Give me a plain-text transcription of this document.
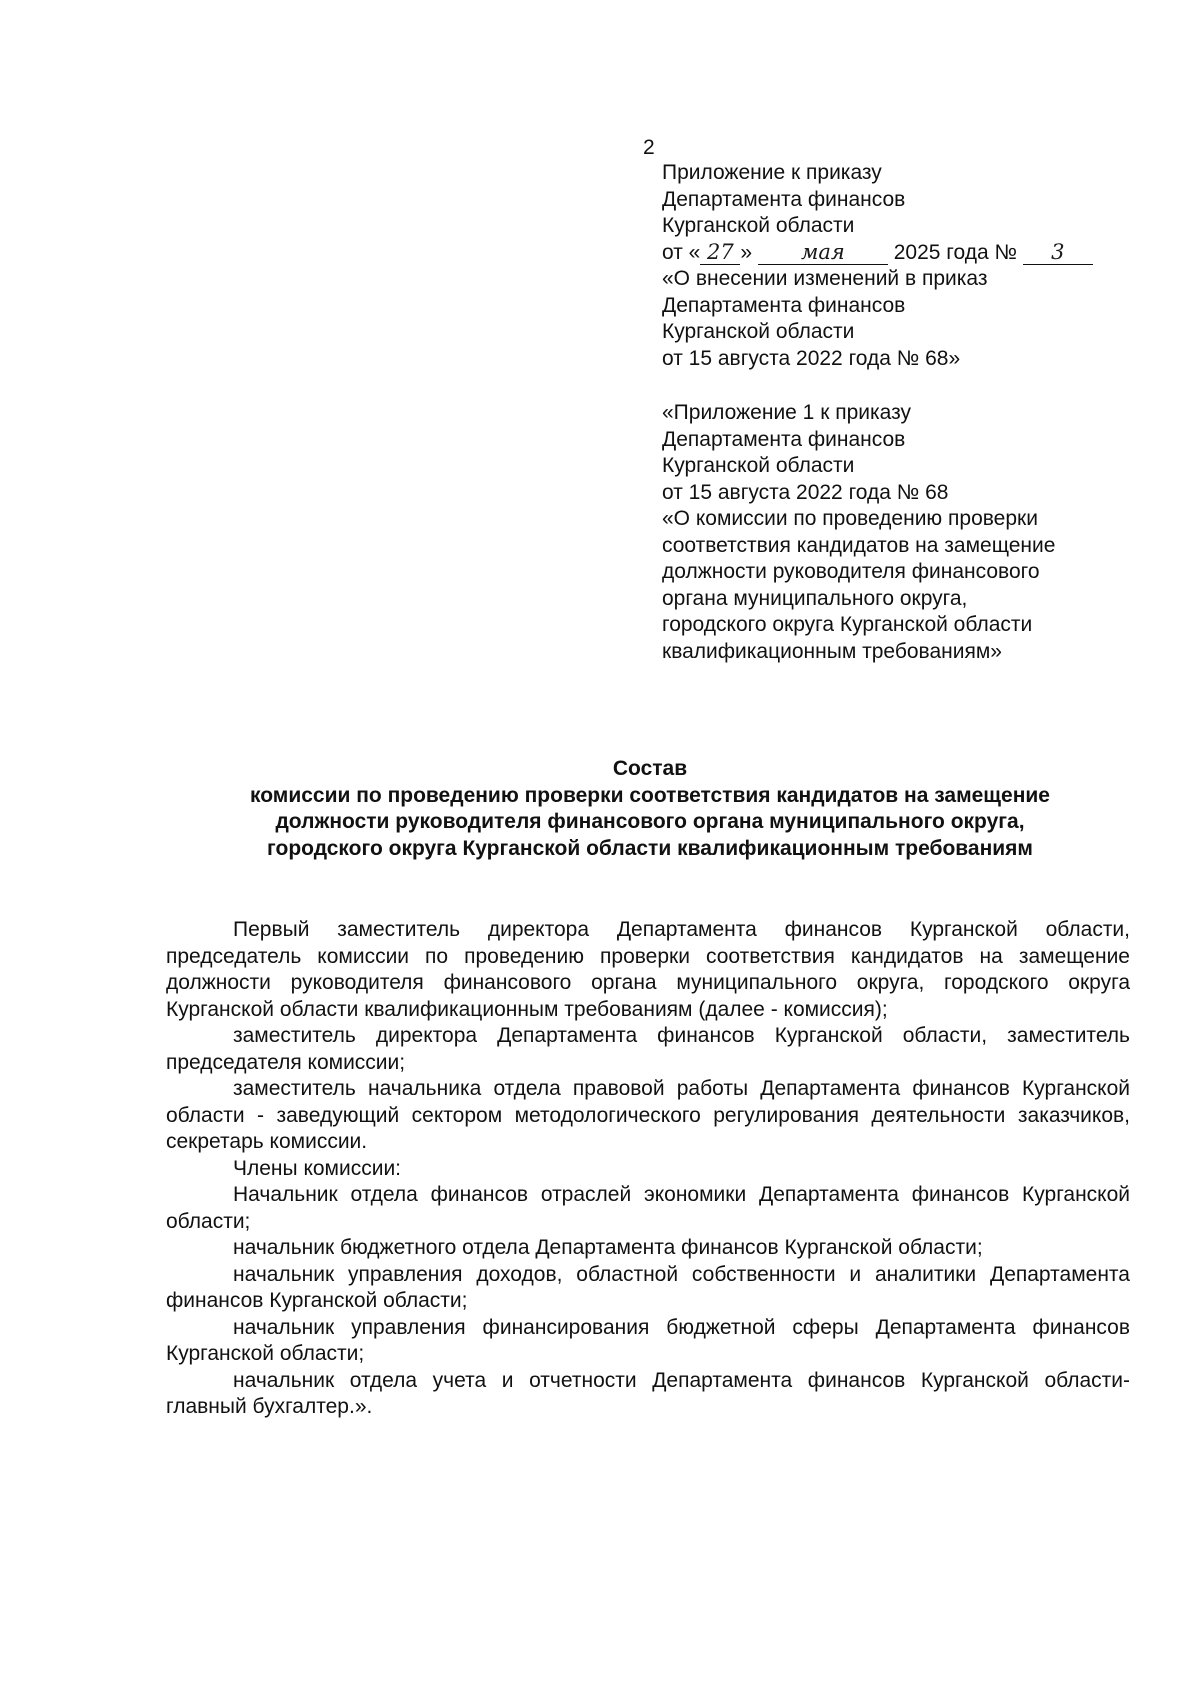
2
Приложение к приказу
Департамента финансов
Курганской области
от « 27 » мая 2025 года № 3
«О внесении изменений в приказ
Департамента финансов
Курганской области
от 15 августа 2022 года № 68»
«Приложение 1 к приказу
Департамента финансов
Курганской области
от 15 августа 2022 года № 68
«О комиссии по проведению проверки
соответствия кандидатов на замещение
должности руководителя финансового
органа муниципального округа,
городского округа Курганской области
квалификационным требованиям»
Состав
комиссии по проведению проверки соответствия кандидатов на замещение
должности руководителя финансового органа муниципального округа,
городского округа Курганской области квалификационным требованиям

Первый заместитель директора Департамента финансов Курганской области, председатель комиссии по проведению проверки соответствия кандидатов на замещение должности руководителя финансового органа муниципального округа, городского округа Курганской области квалификационным требованиям (далее - комиссия);

заместитель директора Департамента финансов Курганской области, заместитель председателя комиссии;

заместитель начальника отдела правовой работы Департамента финансов Курганской области - заведующий сектором методологического регулирования деятельности заказчиков, секретарь комиссии.

Члены комиссии:

Начальник отдела финансов отраслей экономики Департамента финансов Курганской области;

начальник бюджетного отдела Департамента финансов Курганской области;

начальник управления доходов, областной собственности и аналитики Департамента финансов Курганской области;

начальник управления финансирования бюджетной сферы Департамента финансов Курганской области;

начальник отдела учета и отчетности Департамента финансов Курганской области- главный бухгалтер.».
